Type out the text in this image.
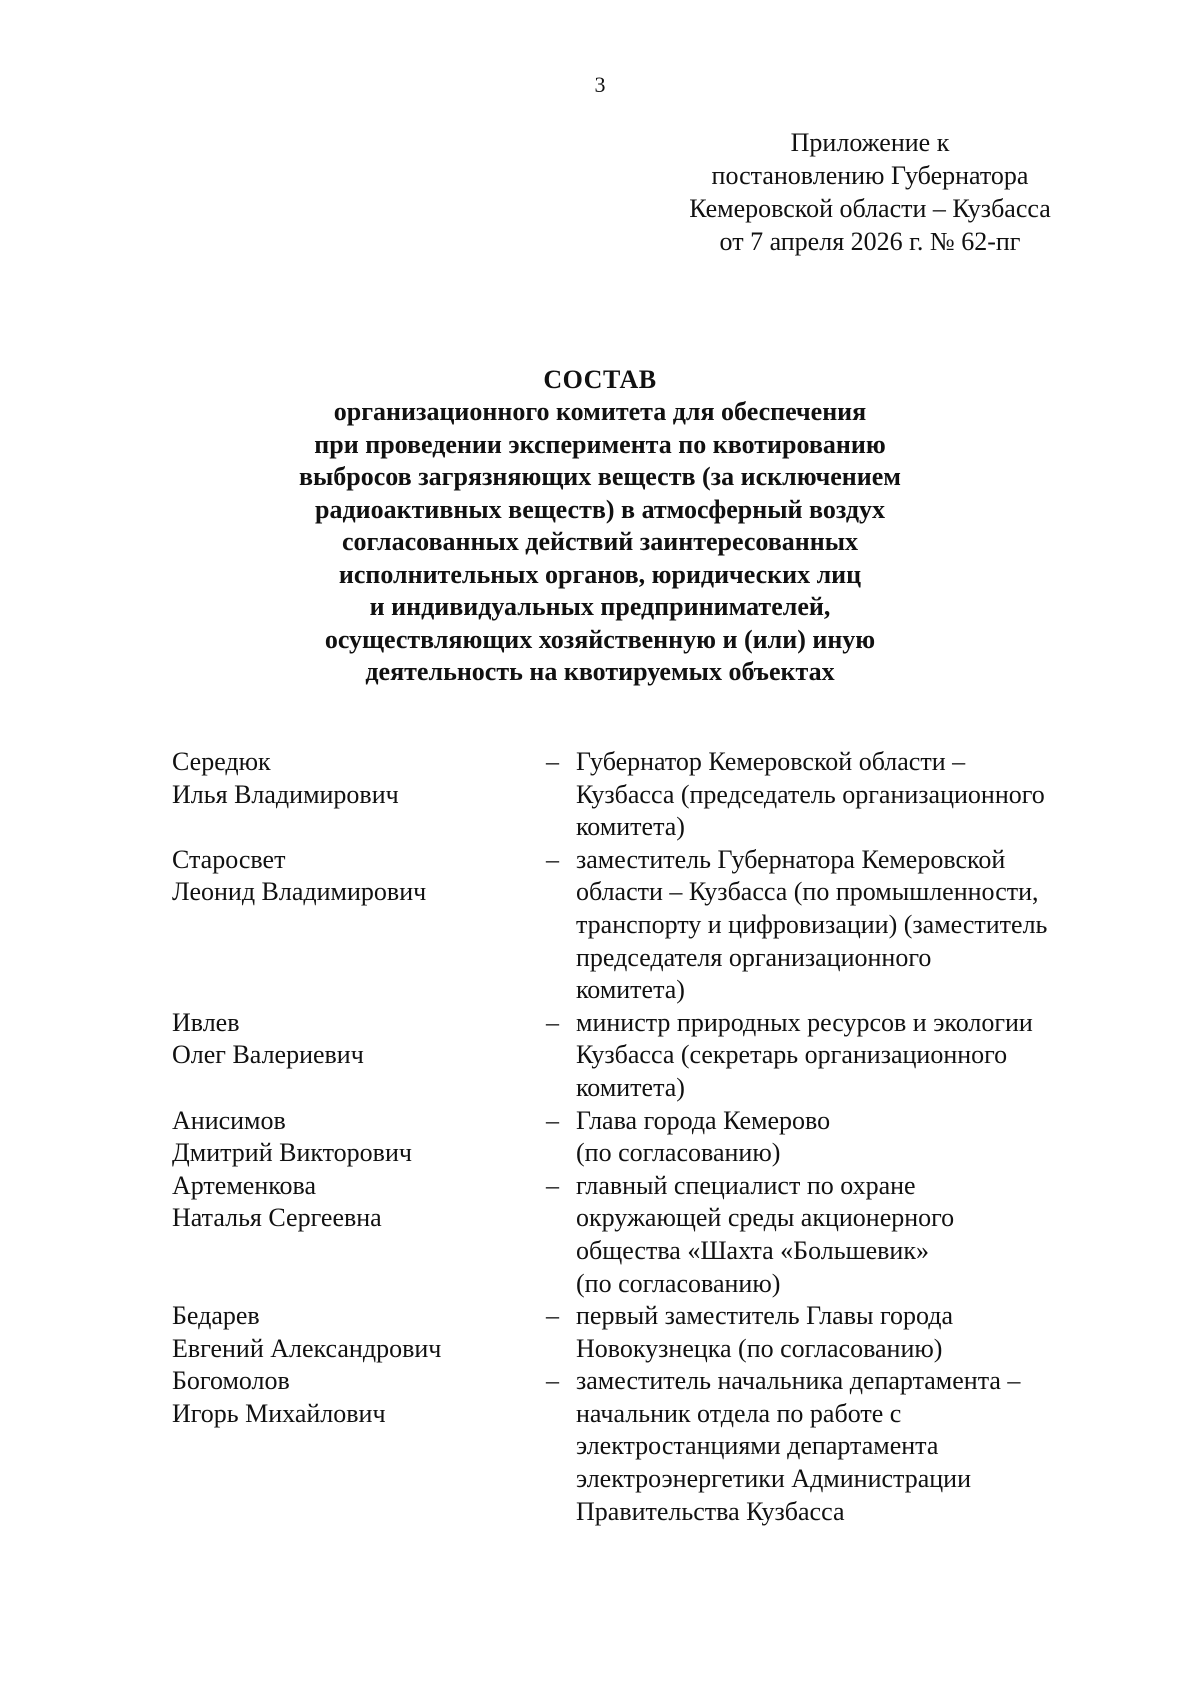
3
Приложение к
постановлению Губернатора
Кемеровской области – Кузбасса
от 7 апреля 2026 г. № 62-пг
СОСТАВ
организационного комитета для обеспечения
при проведении эксперимента по квотированию
выбросов загрязняющих веществ (за исключением
радиоактивных веществ) в атмосферный воздух
согласованных действий заинтересованных
исполнительных органов, юридических лиц
и индивидуальных предпринимателей,
осуществляющих хозяйственную и (или) иную
деятельность на квотируемых объектах
Середюк
Илья Владимирович
– Губернатор Кемеровской области –
Кузбасса (председатель организационного
комитета)
Старосвет
Леонид Владимирович
– заместитель Губернатора Кемеровской
области – Кузбасса (по промышленности,
транспорту и цифровизации) (заместитель
председателя организационного
комитета)
Ивлев
Олег Валериевич
– министр природных ресурсов и экологии
Кузбасса (секретарь организационного
комитета)
Анисимов
Дмитрий Викторович
– Глава города Кемерово
(по согласованию)
Артеменкова
Наталья Сергеевна
– главный специалист по охране
окружающей среды акционерного
общества «Шахта «Большевик»
(по согласованию)
Бедарев
Евгений Александрович
– первый заместитель Главы города
Новокузнецка (по согласованию)
Богомолов
Игорь Михайлович
– заместитель начальника департамента –
начальник отдела по работе с
электростанциями департамента
электроэнергетики Администрации
Правительства Кузбасса
